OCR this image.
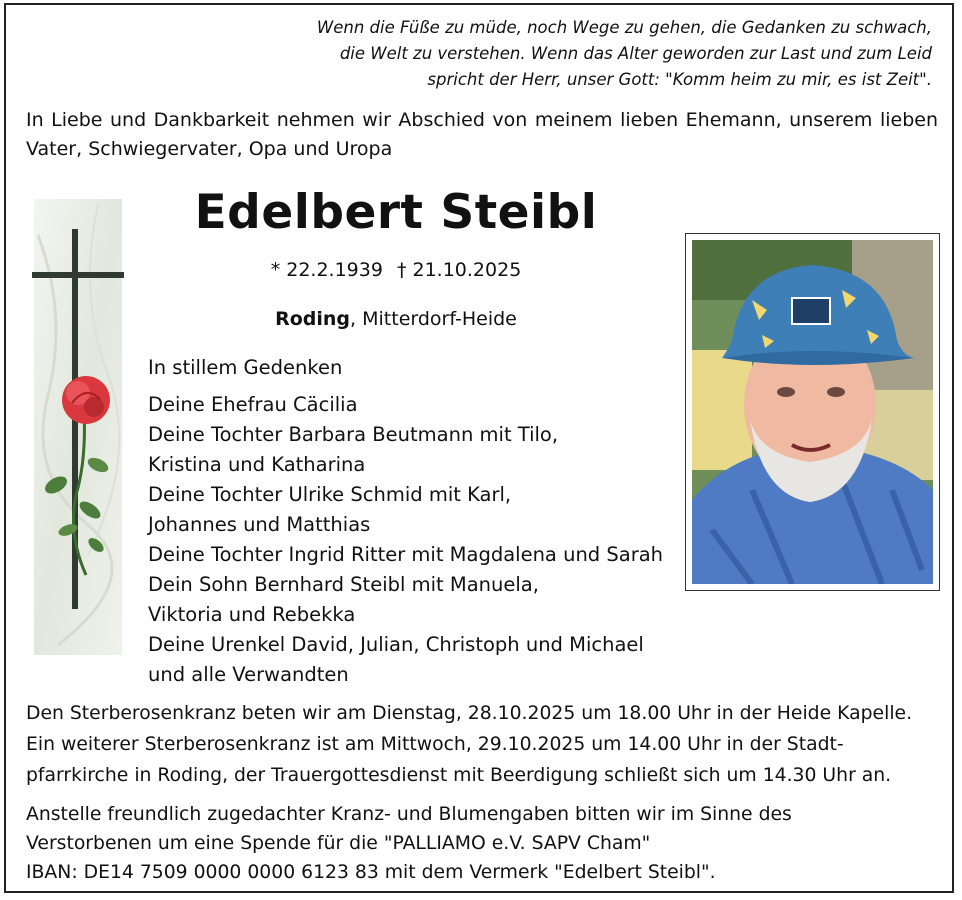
Wenn die Füße zu müde, noch Wege zu gehen, die Gedanken zu schwach,
die Welt zu verstehen. Wenn das Alter geworden zur Last und zum Leid
spricht der Herr, unser Gott: "Komm heim zu mir, es ist Zeit".
In Liebe und Dankbarkeit nehmen wir Abschied von meinem lieben Ehemann, unserem lieben Vater, Schwiegervater, Opa und Uropa
Edelbert Steibl
* 22.2.1939 † 21.10.2025
Roding, Mitterdorf-Heide
In stillem Gedenken
Deine Ehefrau Cäcilia
Deine Tochter Barbara Beutmann mit Tilo,
Kristina und Katharina
Deine Tochter Ulrike Schmid mit Karl,
Johannes und Matthias
Deine Tochter Ingrid Ritter mit Magdalena und Sarah
Dein Sohn Bernhard Steibl mit Manuela,
Viktoria und Rebekka
Deine Urenkel David, Julian, Christoph und Michael
und alle Verwandten
Den Sterberosenkranz beten wir am Dienstag, 28.10.2025 um 18.00 Uhr in der Heide Kapelle.
Ein weiterer Sterberosenkranz ist am Mittwoch, 29.10.2025 um 14.00 Uhr in der Stadt-
pfarrkirche in Roding, der Trauergottesdienst mit Beerdigung schließt sich um 14.30 Uhr an.
Anstelle freundlich zugedachter Kranz- und Blumengaben bitten wir im Sinne des
Verstorbenen um eine Spende für die "PALLIAMO e.V. SAPV Cham"
IBAN: DE14 7509 0000 0000 6123 83 mit dem Vermerk "Edelbert Steibl".
